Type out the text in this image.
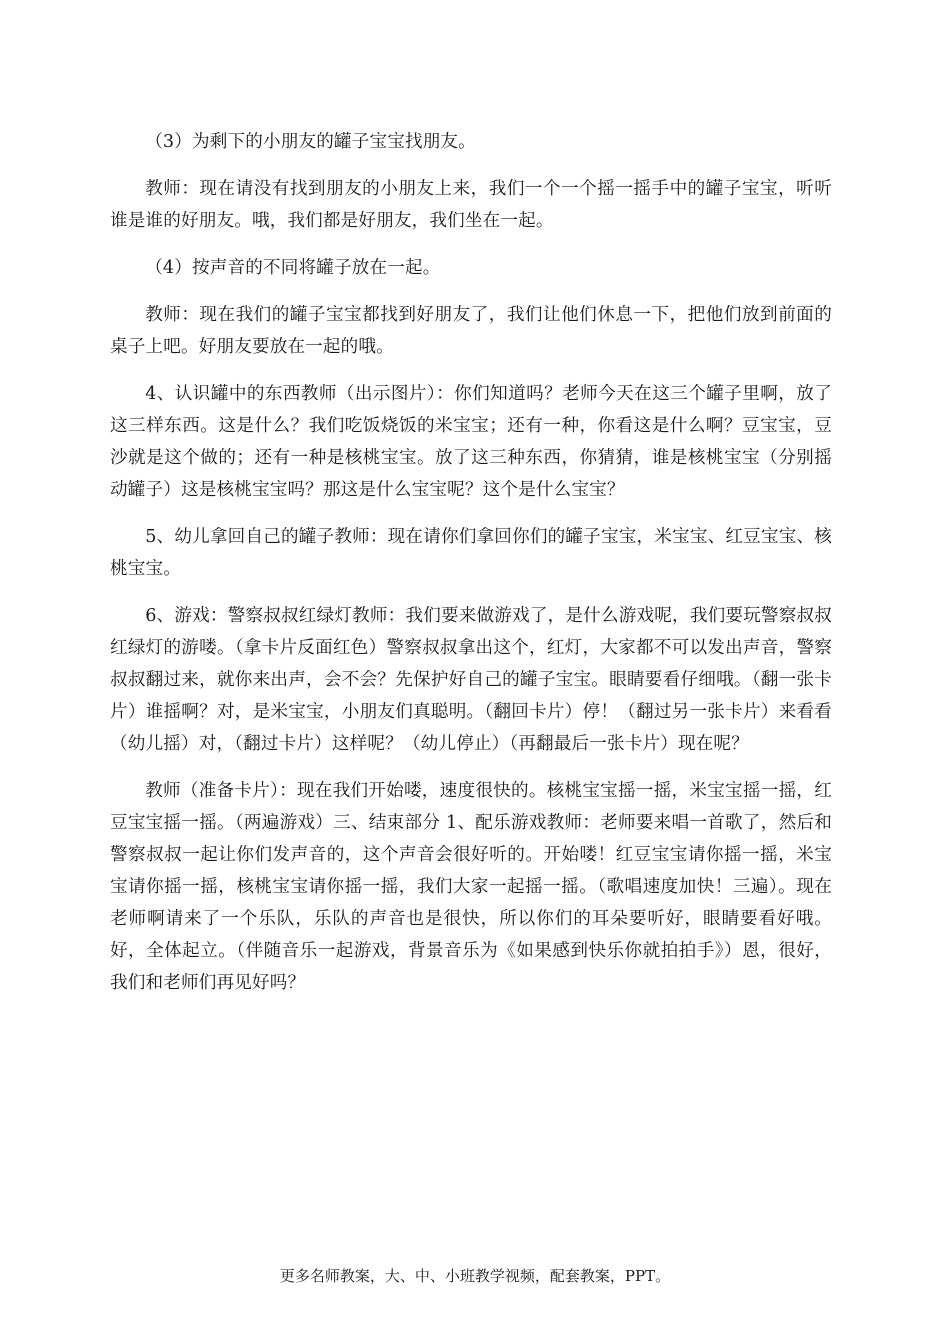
（3）为剩下的小朋友的罐子宝宝找朋友。

教师：现在请没有找到朋友的小朋友上来，我们一个一个摇一摇手中的罐子宝宝，听听谁是谁的好朋友。哦，我们都是好朋友，我们坐在一起。

（4）按声音的不同将罐子放在一起。

教师：现在我们的罐子宝宝都找到好朋友了，我们让他们休息一下，把他们放到前面的桌子上吧。好朋友要放在一起的哦。

4、认识罐中的东西教师（出示图片）：你们知道吗？老师今天在这三个罐子里啊，放了这三样东西。这是什么？我们吃饭烧饭的米宝宝；还有一种，你看这是什么啊？豆宝宝，豆沙就是这个做的；还有一种是核桃宝宝。放了这三种东西，你猜猜，谁是核桃宝宝（分别摇动罐子）这是核桃宝宝吗？那这是什么宝宝呢？这个是什么宝宝？

5、幼儿拿回自己的罐子教师：现在请你们拿回你们的罐子宝宝，米宝宝、红豆宝宝、核桃宝宝。

6、游戏：警察叔叔红绿灯教师：我们要来做游戏了，是什么游戏呢，我们要玩警察叔叔红绿灯的游喽。（拿卡片反面红色）警察叔叔拿出这个，红灯，大家都不可以发出声音，警察叔叔翻过来，就你来出声，会不会？先保护好自己的罐子宝宝。眼睛要看仔细哦。（翻一张卡片）谁摇啊？对，是米宝宝，小朋友们真聪明。（翻回卡片）停！（翻过另一张卡片）来看看（幼儿摇）对，（翻过卡片）这样呢？（幼儿停止）（再翻最后一张卡片）现在呢？

教师（准备卡片）：现在我们开始喽，速度很快的。核桃宝宝摇一摇，米宝宝摇一摇，红豆宝宝摇一摇。（两遍游戏）三、结束部分 1、配乐游戏教师：老师要来唱一首歌了，然后和警察叔叔一起让你们发声音的，这个声音会很好听的。开始喽！红豆宝宝请你摇一摇，米宝宝请你摇一摇，核桃宝宝请你摇一摇，我们大家一起摇一摇。（歌唱速度加快！三遍）。现在老师啊请来了一个乐队，乐队的声音也是很快，所以你们的耳朵要听好，眼睛要看好哦。好，全体起立。（伴随音乐一起游戏，背景音乐为《如果感到快乐你就拍拍手》）恩，很好，我们和老师们再见好吗？

更多名师教案，大、中、小班教学视频，配套教案，PPT。
